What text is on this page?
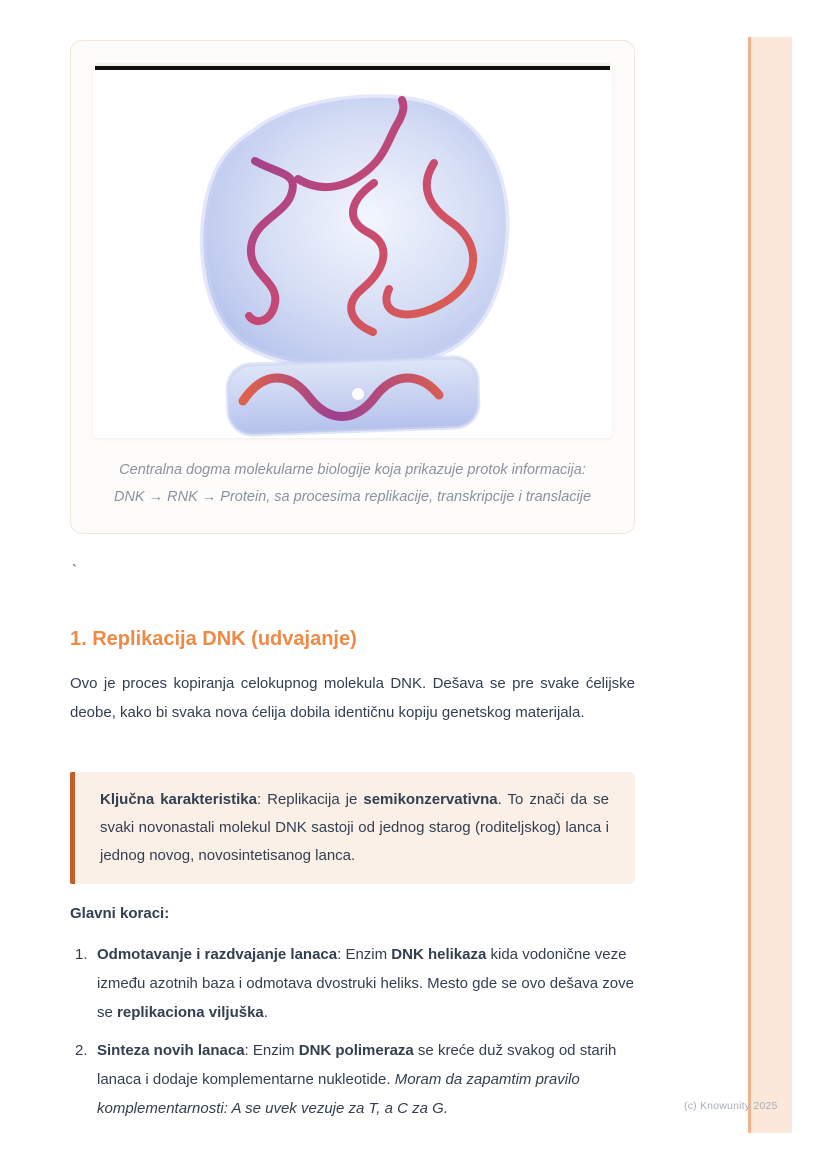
Centralna dogma molekularne biologije koja prikazuje protok informacija:
DNK → RNK → Protein, sa procesima replikacije, transkripcije i translacije
`
1. Replikacija DNK (udvajanje)

Ovo je proces kopiranja celokupnog molekula DNK. Dešava se pre svake ćelijske deobe, kako bi svaka nova ćelija dobila identičnu kopiju genetskog materijala.

Ključna karakteristika: Replikacija je semikonzervativna. To znači da se svaki novonastali molekul DNK sastoji od jednog starog (roditeljskog) lanca i jednog novog, novosintetisanog lanca.
Glavni koraci:
1. Odmotavanje i razdvajanje lanaca: Enzim DNK helikaza kida vodonične veze između azotnih baza i odmotava dvostruki heliks. Mesto gde se ovo dešava zove se replikaciona viljuška.
2. Sinteza novih lanaca: Enzim DNK polimeraza se kreće duž svakog od starih lanaca i dodaje komplementarne nukleotide. Moram da zapamtim pravilo komplementarnosti: A se uvek vezuje za T, a C za G.	(c) Knowunity 2025
